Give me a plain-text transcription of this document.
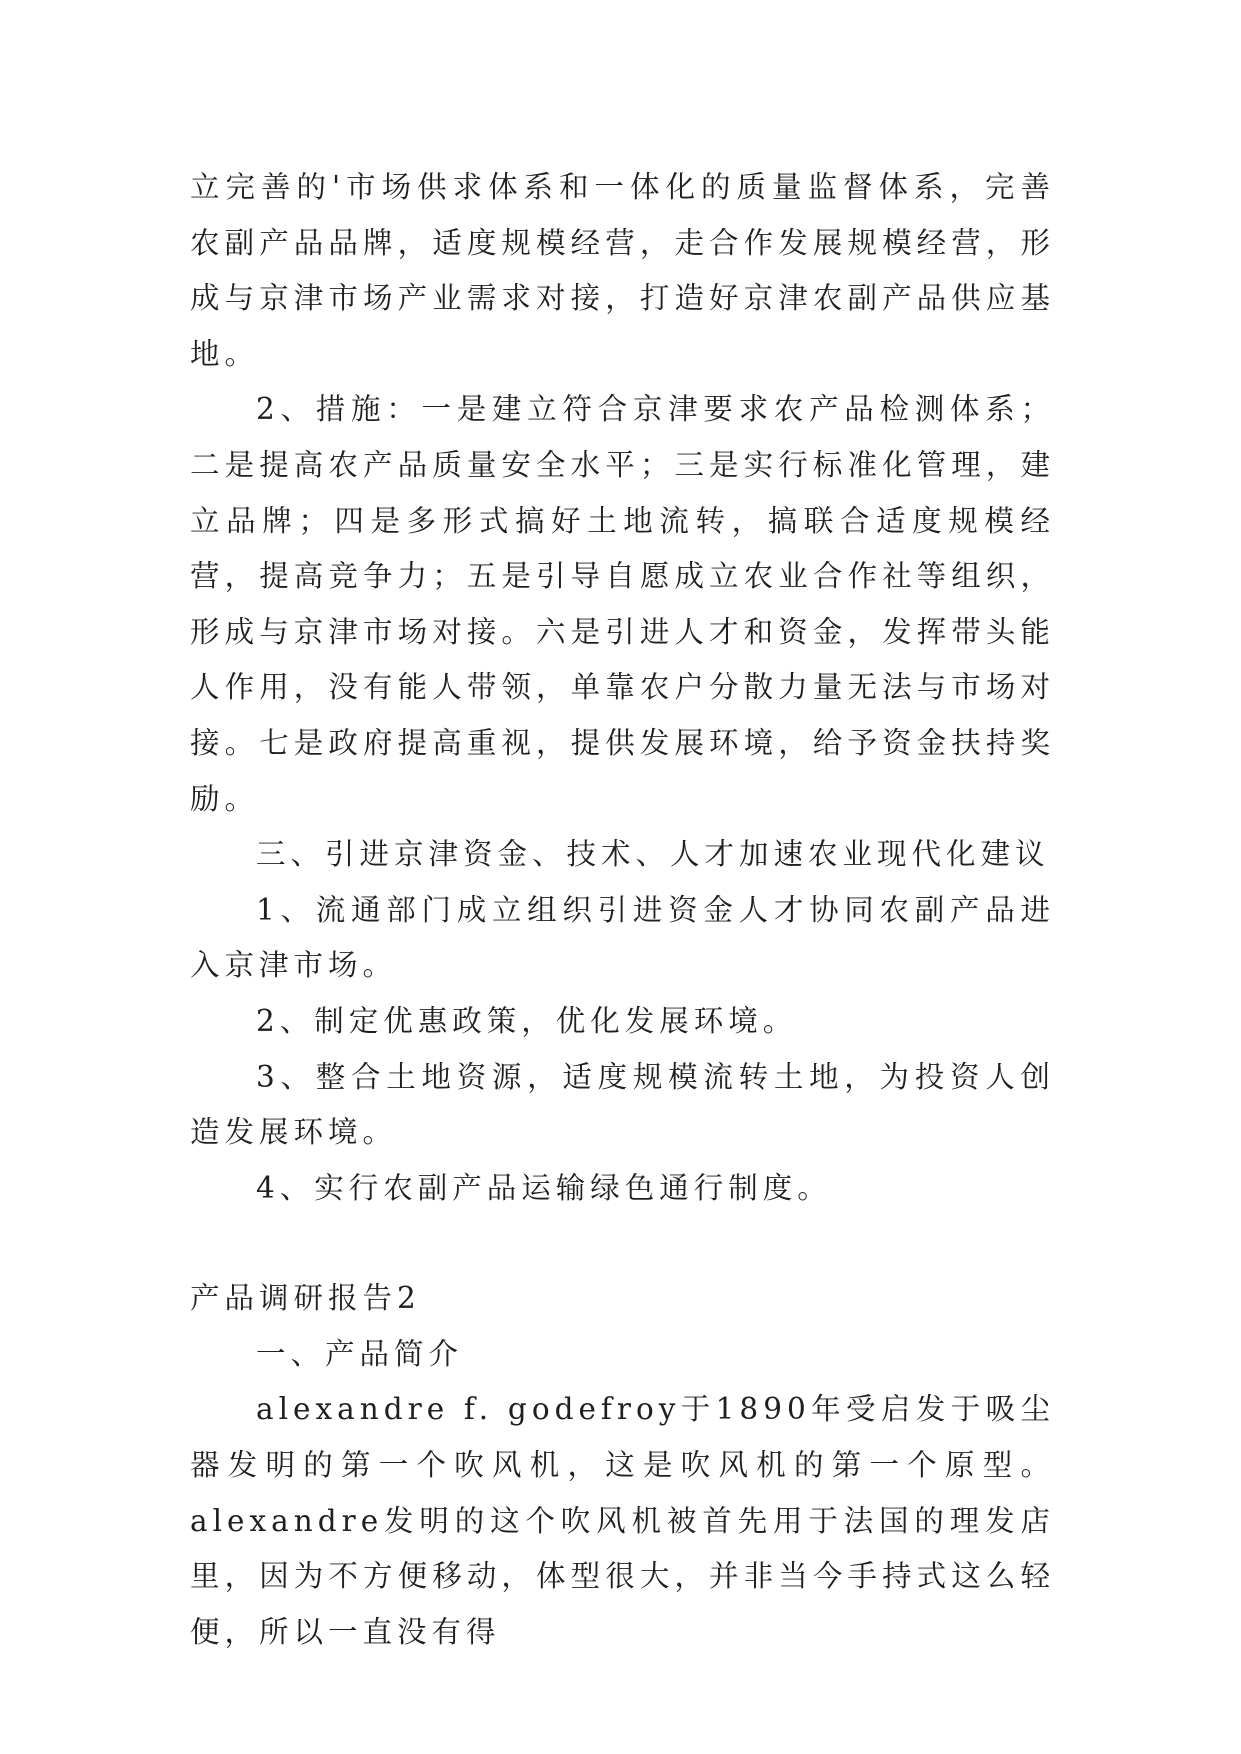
立完善的'市场供求体系和一体化的质量监督体系，完善农副产品品牌，适度规模经营，走合作发展规模经营，形成与京津市场产业需求对接，打造好京津农副产品供应基地。

2、措施：一是建立符合京津要求农产品检测体系；二是提高农产品质量安全水平；三是实行标准化管理，建立品牌；四是多形式搞好土地流转，搞联合适度规模经营，提高竞争力；五是引导自愿成立农业合作社等组织，形成与京津市场对接。六是引进人才和资金，发挥带头能人作用，没有能人带领，单靠农户分散力量无法与市场对接。七是政府提高重视，提供发展环境，给予资金扶持奖励。

三、引进京津资金、技术、人才加速农业现代化建议

1、流通部门成立组织引进资金人才协同农副产品进入京津市场。

2、制定优惠政策，优化发展环境。

3、整合土地资源，适度规模流转土地，为投资人创造发展环境。

4、实行农副产品运输绿色通行制度。

产品调研报告2

一、产品简介

alexandre f. godefroy于1890年受启发于吸尘器发明的第一个吹风机，这是吹风机的第一个原型。alexandre发明的这个吹风机被首先用于法国的理发店里，因为不方便移动，体型很大，并非当今手持式这么轻便，所以一直没有得
